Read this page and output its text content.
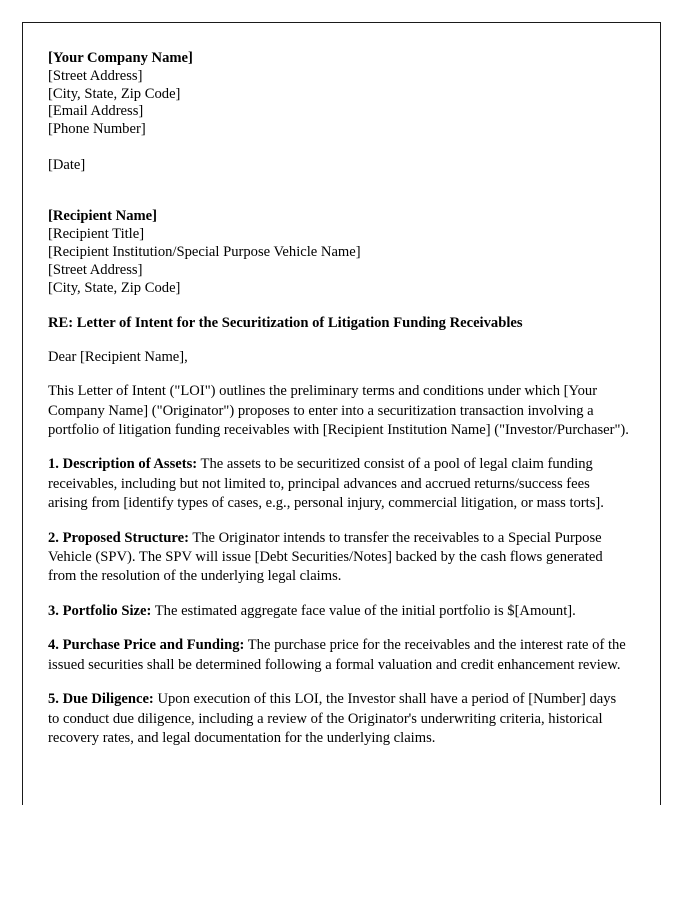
[Your Company Name]
[Street Address]
[City, State, Zip Code]
[Email Address]
[Phone Number]
[Date]
[Recipient Name]
[Recipient Title]
[Recipient Institution/Special Purpose Vehicle Name]
[Street Address]
[City, State, Zip Code]
RE: Letter of Intent for the Securitization of Litigation Funding Receivables
Dear [Recipient Name],

This Letter of Intent ("LOI") outlines the preliminary terms and conditions under which [Your Company Name] ("Originator") proposes to enter into a securitization transaction involving a portfolio of litigation funding receivables with [Recipient Institution Name] ("Investor/Purchaser").

1. Description of Assets: The assets to be securitized consist of a pool of legal claim funding receivables, including but not limited to, principal advances and accrued returns/success fees arising from [identify types of cases, e.g., personal injury, commercial litigation, or mass torts].

2. Proposed Structure: The Originator intends to transfer the receivables to a Special Purpose Vehicle (SPV). The SPV will issue [Debt Securities/Notes] backed by the cash flows generated from the resolution of the underlying legal claims.

3. Portfolio Size: The estimated aggregate face value of the initial portfolio is $[Amount].

4. Purchase Price and Funding: The purchase price for the receivables and the interest rate of the issued securities shall be determined following a formal valuation and credit enhancement review.

5. Due Diligence: Upon execution of this LOI, the Investor shall have a period of [Number] days to conduct due diligence, including a review of the Originator's underwriting criteria, historical recovery rates, and legal documentation for the underlying claims.
